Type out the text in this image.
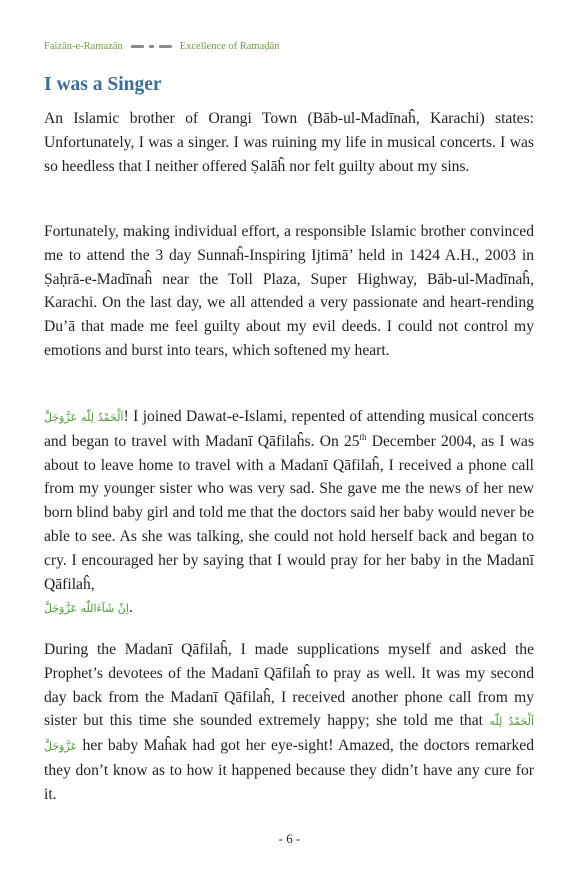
Faizān-e-Ramazān	Excellence of Ramaḍān
I was a Singer

An Islamic brother of Orangi Town (Bāb-ul-Madīnaĥ, Karachi) states: Unfortunately, I was a singer. I was ruining my life in musical concerts. I was so heedless that I neither offered Ṣalāĥ nor felt guilty about my sins.

Fortunately, making individual effort, a responsible Islamic brother convinced me to attend the 3 day Sunnaĥ-Inspiring Ijtimā’ held in 1424 A.H., 2003 in Ṣaḥrā-e-Madīnaĥ near the Toll Plaza, Super Highway, Bāb-ul-Madīnaĥ, Karachi. On the last day, we all attended a very passionate and heart-rending Du’ā that made me feel guilty about my evil deeds. I could not control my emotions and burst into tears, which softened my heart.

اَلْحَمْدُ لِلّٰه عَزَّوَجَلَّ! I joined Dawat-e-Islami, repented of attending musical concerts and began to travel with Madanī Qāfilaĥs. On 25th December 2004, as I was about to leave home to travel with a Madanī Qāfilaĥ, I received a phone call from my younger sister who was very sad. She gave me the news of her new born blind baby girl and told me that the doctors said her baby would never be able to see. As she was talking, she could not hold herself back and began to cry. I encouraged her by saying that I would pray for her baby in the Madanī Qāfilaĥ,
اِنْ شَآءَاللّٰه عَزَّوَجَلَّ.

During the Madanī Qāfilaĥ, I made supplications myself and asked the Prophet’s devotees of the Madanī Qāfilaĥ to pray as well. It was my second day back from the Madanī Qāfilaĥ, I received another phone call from my sister but this time she sounded extremely happy; she told me that اَلْحَمْدُ لِلّٰه عَزَّوَجَلَّ her baby Maĥak had got her eye-sight! Amazed, the doctors remarked they don’t know as to how it happened because they didn’t have any cure for it.

- 6 -
